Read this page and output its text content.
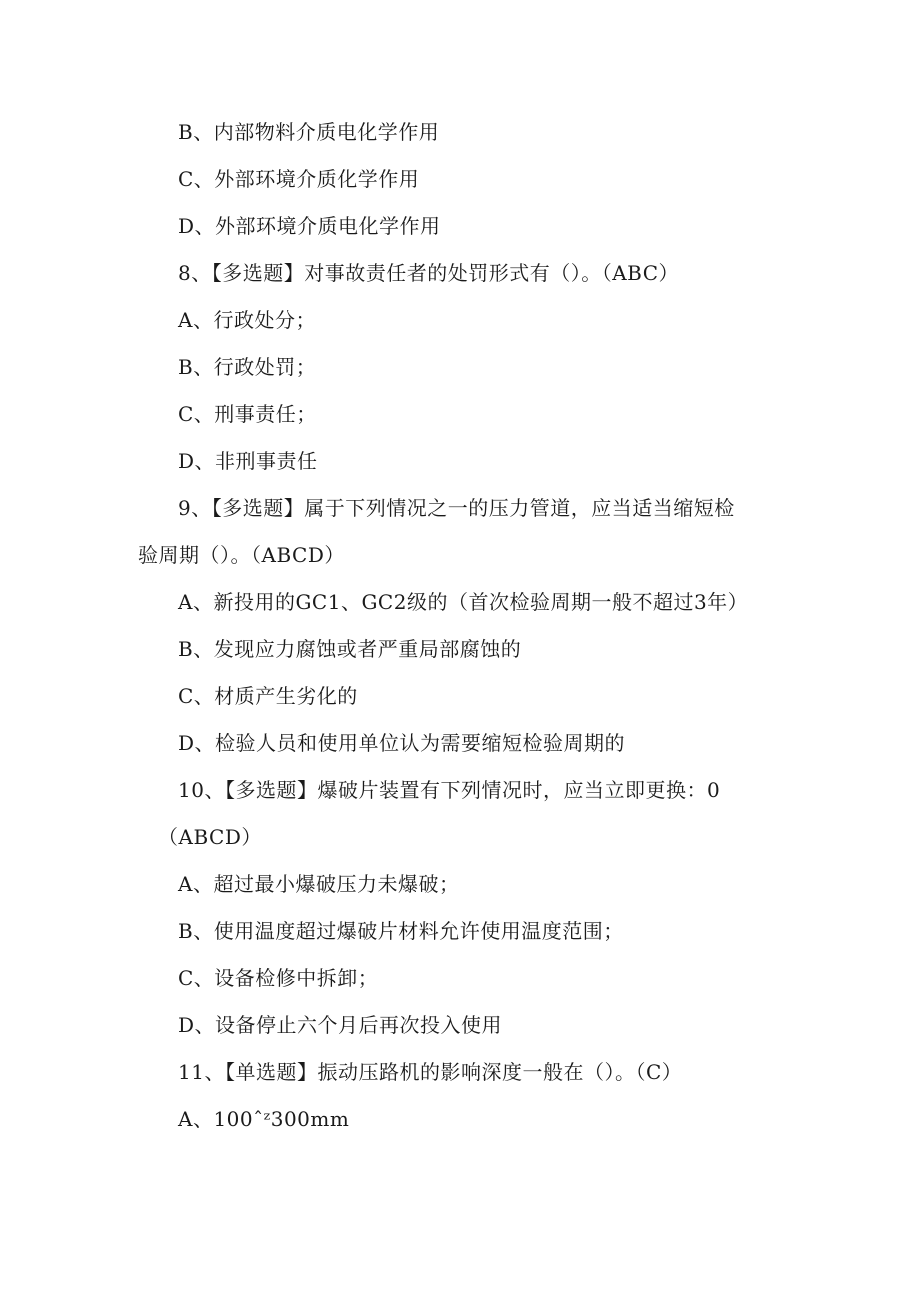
B、内部物料介质电化学作用
C、外部环境介质化学作用
D、外部环境介质电化学作用
8、【多选题】对事故责任者的处罚形式有（）。（ABC）
A、行政处分；
B、行政处罚；
C、刑事责任；
D、非刑事责任
9、【多选题】属于下列情况之一的压力管道，应当适当缩短检
验周期（）。（ABCD）
A、新投用的GC1、GC2级的（首次检验周期一般不超过3年）
B、发现应力腐蚀或者严重局部腐蚀的
C、材质产生劣化的
D、检验人员和使用单位认为需要缩短检验周期的
10、【多选题】爆破片装置有下列情况时，应当立即更换：0
（ABCD）
A、超过最小爆破压力未爆破；
B、使用温度超过爆破片材料允许使用温度范围；
C、设备检修中拆卸；
D、设备停止六个月后再次投入使用
11、【单选题】振动压路机的影响深度一般在（）。（C）
A、100ˆᶻ300mm
